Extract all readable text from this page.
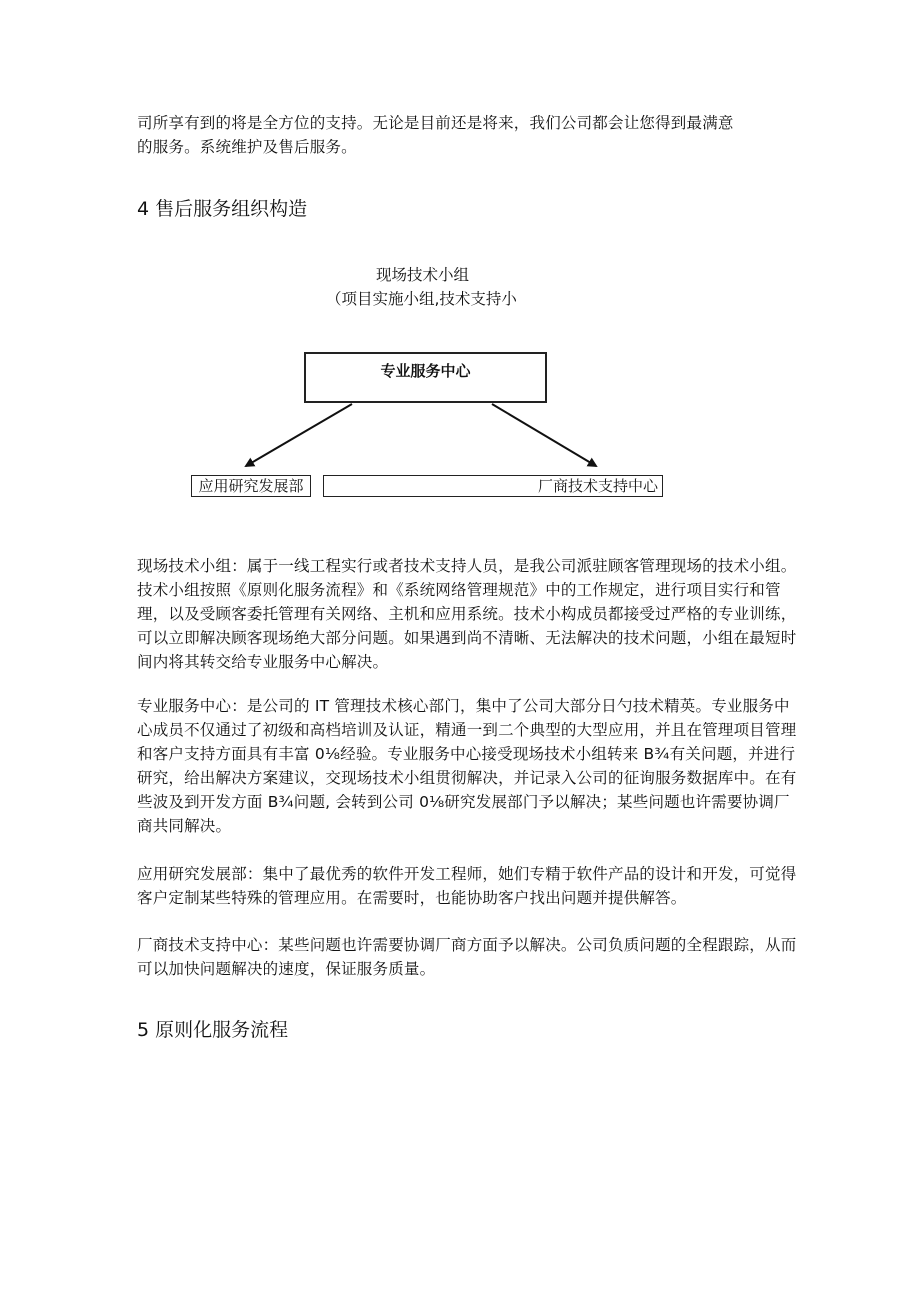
司所享有到的将是全方位的支持。无论是目前还是将来，我们公司都会让您得到最满意

的服务。系统维护及售后服务。

4 售后服务组织构造
现场技术小组
（项目实施小组,技术支持小
专业服务中心
应用研究发展部	厂商技术支持中心

现场技术小组：属于一线工程实行或者技术支持人员，是我公司派驻顾客管理现场的技术小组。技术小组按照《原则化服务流程》和《系统网络管理规范》中的工作规定，进行项目实行和管理，以及受顾客委托管理有关网络、主机和应用系统。技术小构成员都接受过严格的专业训练，可以立即解决顾客现场绝大部分问题。如果遇到尚不清晰、无法解决的技术问题，小组在最短时间内将其转交给专业服务中心解决。

专业服务中心：是公司的 IT 管理技术核心部门，集中了公司大部分日勺技术精英。专业服务中心成员不仅通过了初级和高档培训及认证，精通一到二个典型的大型应用，并且在管理项目管理和客户支持方面具有丰富 0⅛经验。专业服务中心接受现场技术小组转来 B¾有关问题，并进行研究，给出解决方案建议，交现场技术小组贯彻解决，并记录入公司的征询服务数据库中。在有些波及到开发方面 B¾问题, 会转到公司 0⅛研究发展部门予以解决；某些问题也许需要协调厂商共同解决。

应用研究发展部：集中了最优秀的软件开发工程师，她们专精于软件产品的设计和开发，可觉得客户定制某些特殊的管理应用。在需要时，也能协助客户找出问题并提供解答。

厂商技术支持中心：某些问题也许需要协调厂商方面予以解决。公司负质问题的全程跟踪，从而可以加快问题解决的速度，保证服务质量。

5 原则化服务流程
